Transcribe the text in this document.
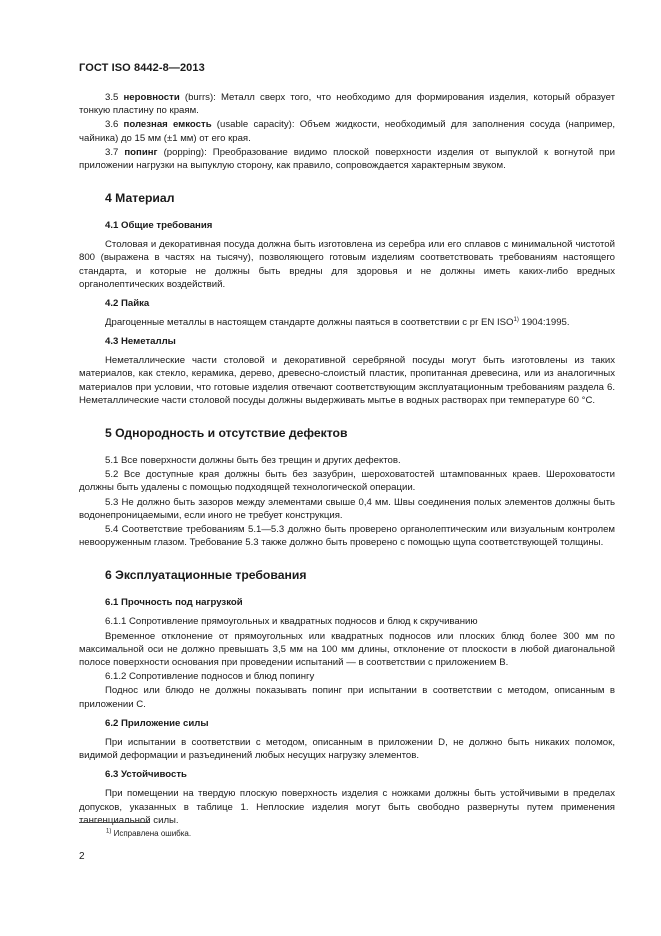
ГОСТ ISO 8442-8—2013

3.5 неровности (burrs): Металл сверх того, что необходимо для формирования изделия, который образует тонкую пластину по краям.

3.6 полезная емкость (usable capacity): Объем жидкости, необходимый для заполнения сосуда (например, чайника) до 15 мм (±1 мм) от его края.

3.7 попинг (popping): Преобразование видимо плоской поверхности изделия от выпуклой к вогнутой при приложении нагрузки на выпуклую сторону, как правило, сопровождается характерным звуком.

4 Материал
4.1 Общие требования

Столовая и декоративная посуда должна быть изготовлена из серебра или его сплавов с минимальной чистотой 800 (выражена в частях на тысячу), позволяющего готовым изделиям соответствовать требованиям настоящего стандарта, и которые не должны быть вредны для здоровья и не должны иметь каких-либо вредных органолептических воздействий.

4.2 Пайка

Драгоценные металлы в настоящем стандарте должны паяться в соответствии с pr EN ISO$^{1)}$ 1904:1995.

4.3 Неметаллы

Неметаллические части столовой и декоративной серебряной посуды могут быть изготовлены из таких материалов, как стекло, керамика, дерево, древесно-слоистый пластик, пропитанная древесина, или из аналогичных материалов при условии, что готовые изделия отвечают соответствующим эксплуатационным требованиям раздела 6. Неметаллические части столовой посуды должны выдерживать мытье в водных растворах при температуре 60 °С.

5 Однородность и отсутствие дефектов

5.1 Все поверхности должны быть без трещин и других дефектов.

5.2 Все доступные края должны быть без зазубрин, шероховатостей штампованных краев. Шероховатости должны быть удалены с помощью подходящей технологической операции.

5.3 Не должно быть зазоров между элементами свыше 0,4 мм. Швы соединения полых элементов должны быть водонепроницаемыми, если иного не требует конструкция.

5.4 Соответствие требованиям 5.1—5.3 должно быть проверено органолептическим или визуальным контролем невооруженным глазом. Требование 5.3 также должно быть проверено с помощью щупа соответствующей толщины.

6 Эксплуатационные требования
6.1 Прочность под нагрузкой

6.1.1 Сопротивление прямоугольных и квадратных подносов и блюд к скручиванию

Временное отклонение от прямоугольных или квадратных подносов или плоских блюд более 300 мм по максимальной оси не должно превышать 3,5 мм на 100 мм длины, отклонение от плоскости в любой диагональной полосе поверхности основания при проведении испытаний — в соответствии с приложением В.

6.1.2 Сопротивление подносов и блюд попингу

Поднос или блюдо не должны показывать попинг при испытании в соответствии с методом, описанным в приложении С.

6.2 Приложение силы

При испытании в соответствии с методом, описанным в приложении D, не должно быть никаких поломок, видимой деформации и разъединений любых несущих нагрузку элементов.

6.3 Устойчивость

При помещении на твердую плоскую поверхность изделия с ножками должны быть устойчивыми в пределах допусков, указанных в таблице 1. Неплоские изделия могут быть свободно развернуты путем применения тангенциальной силы.

$^{1)}$ Исправлена ошибка.
2
